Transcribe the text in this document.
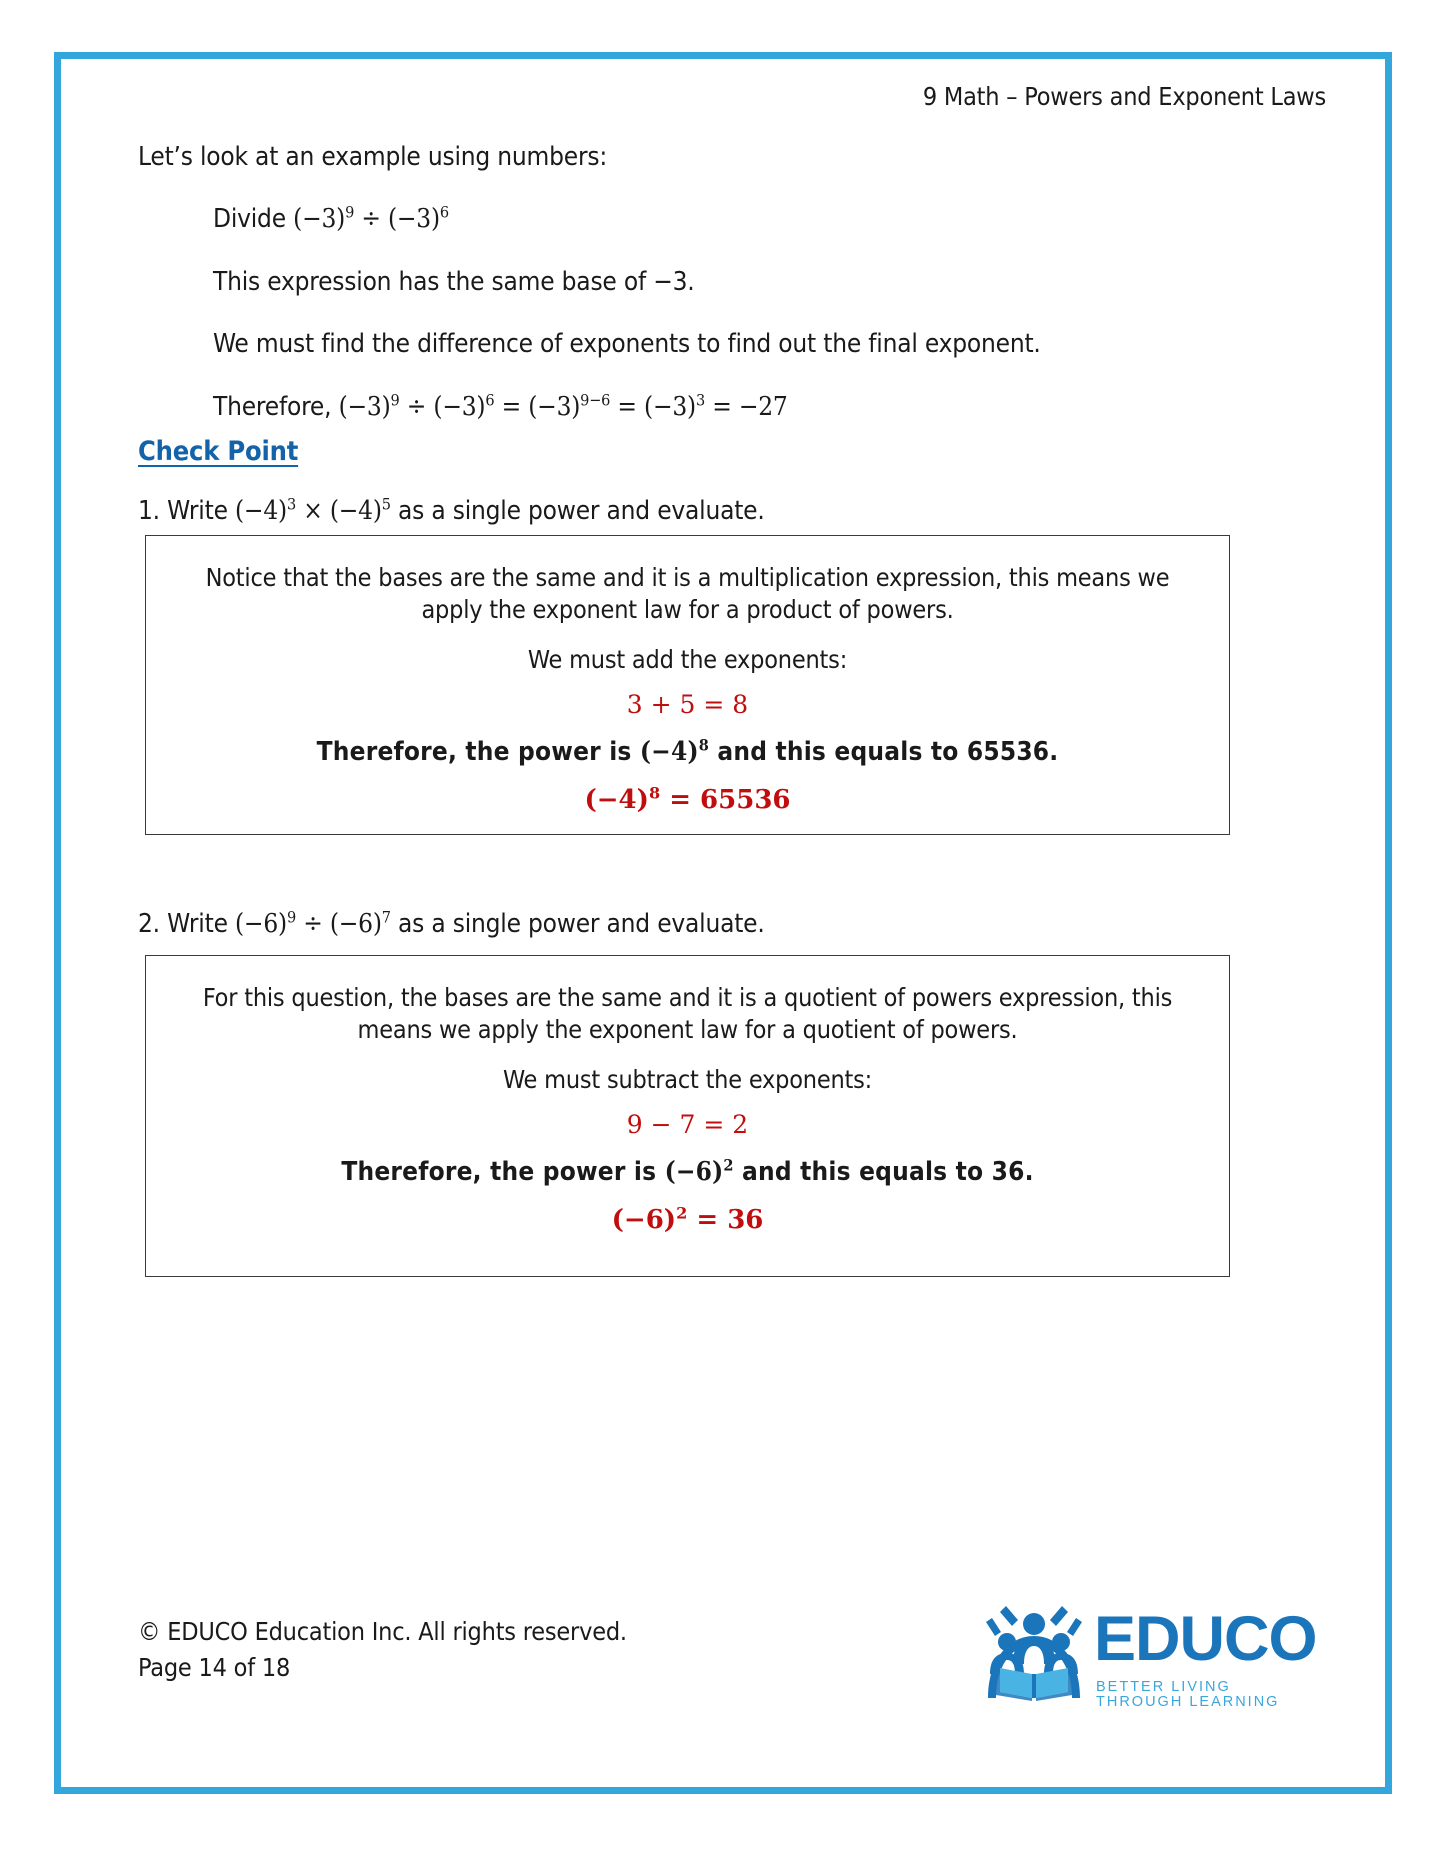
9 Math – Powers and Exponent Laws

Let’s look at an example using numbers:

Divide $(-3)^9 \div (-3)^6$

This expression has the same base of −3.

We must find the difference of exponents to find out the final exponent.

Therefore, $(-3)^9 \div (-3)^6 = (-3)^{9-6} = (-3)^3 = -27$

Check Point
1. Write $(-4)^3 \times (-4)^5$ as a single power and evaluate.

Notice that the bases are the same and it is a multiplication expression, this means we apply the exponent law for a product of powers.

We must add the exponents:

3 + 5 = 8

Therefore, the power is $(-4)^8$ and this equals to 65536.

$(-4)^8 = 65536$

2. Write $(-6)^9 \div (-6)^7$ as a single power and evaluate.

For this question, the bases are the same and it is a quotient of powers expression, this means we apply the exponent law for a quotient of powers.

We must subtract the exponents:

9 − 7 = 2

Therefore, the power is $(-6)^2$ and this equals to 36.

$(-6)^2 = 36$

© EDUCO Education Inc. All rights reserved.
Page 14 of 18	EDUCO
BETTER LIVING THROUGH LEARNING
